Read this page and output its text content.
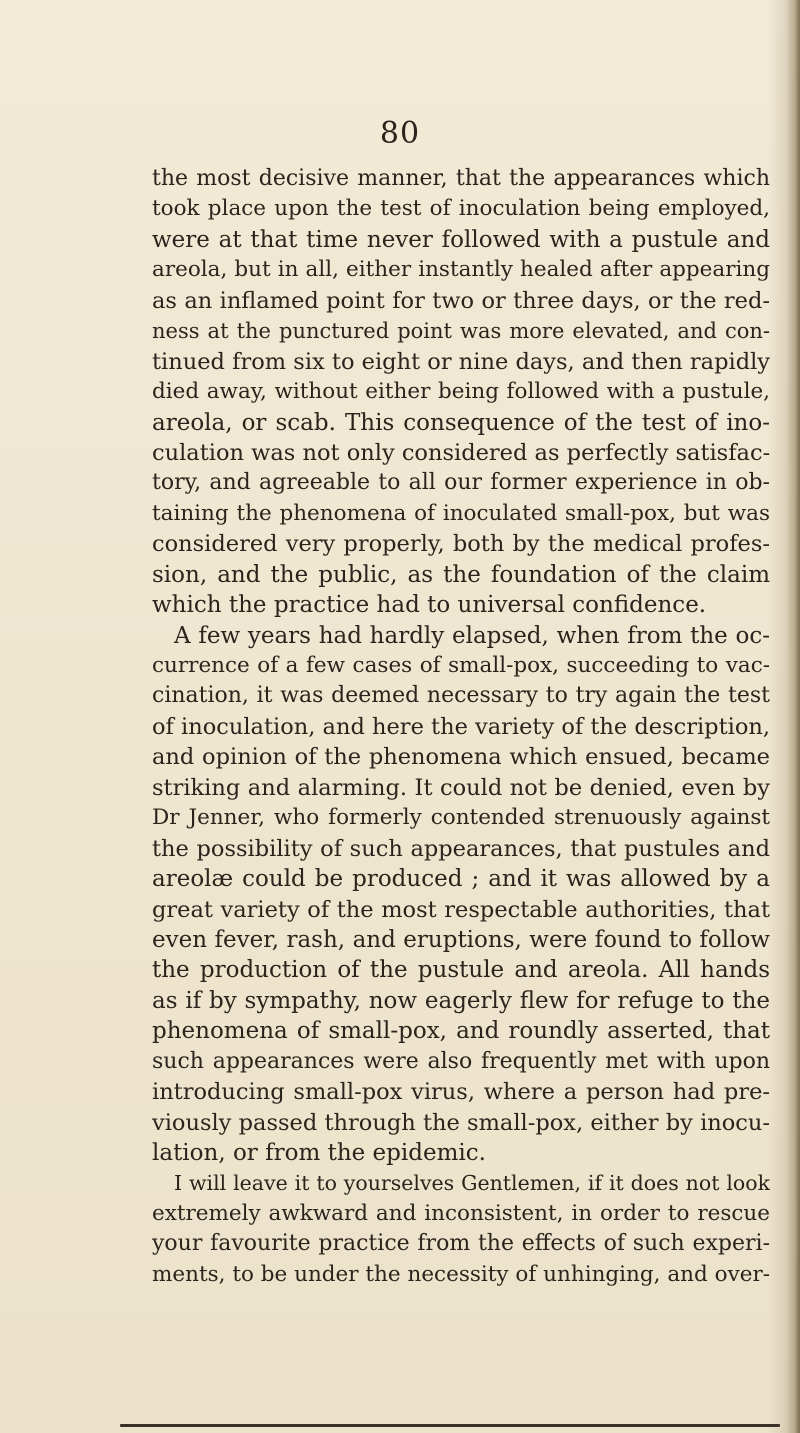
80
the most decisive manner, that the appearances which
took place upon the test of inoculation being employed,
were at that time never followed with a pustule and
areola, but in all, either instantly healed after appearing
as an inflamed point for two or three days, or the red-
ness at the punctured point was more elevated, and con-
tinued from six to eight or nine days, and then rapidly
died away, without either being followed with a pustule,
areola, or scab. This consequence of the test of ino-
culation was not only considered as perfectly satisfac-
tory, and agreeable to all our former experience in ob-
taining the phenomena of inoculated small-pox, but was
considered very properly, both by the medical profes-
sion, and the public, as the foundation of the claim
which the practice had to universal confidence.
A few years had hardly elapsed, when from the oc-
currence of a few cases of small-pox, succeeding to vac-
cination, it was deemed necessary to try again the test
of inoculation, and here the variety of the description,
and opinion of the phenomena which ensued, became
striking and alarming. It could not be denied, even by
Dr Jenner, who formerly contended strenuously against
the possibility of such appearances, that pustules and
areolæ could be produced ; and it was allowed by a
great variety of the most respectable authorities, that
even fever, rash, and eruptions, were found to follow
the production of the pustule and areola. All hands
as if by sympathy, now eagerly flew for refuge to the
phenomena of small-pox, and roundly asserted, that
such appearances were also frequently met with upon
introducing small-pox virus, where a person had pre-
viously passed through the small-pox, either by inocu-
lation, or from the epidemic.
I will leave it to yourselves Gentlemen, if it does not look
extremely awkward and inconsistent, in order to rescue
your favourite practice from the effects of such experi-
ments, to be under the necessity of unhinging, and over-
